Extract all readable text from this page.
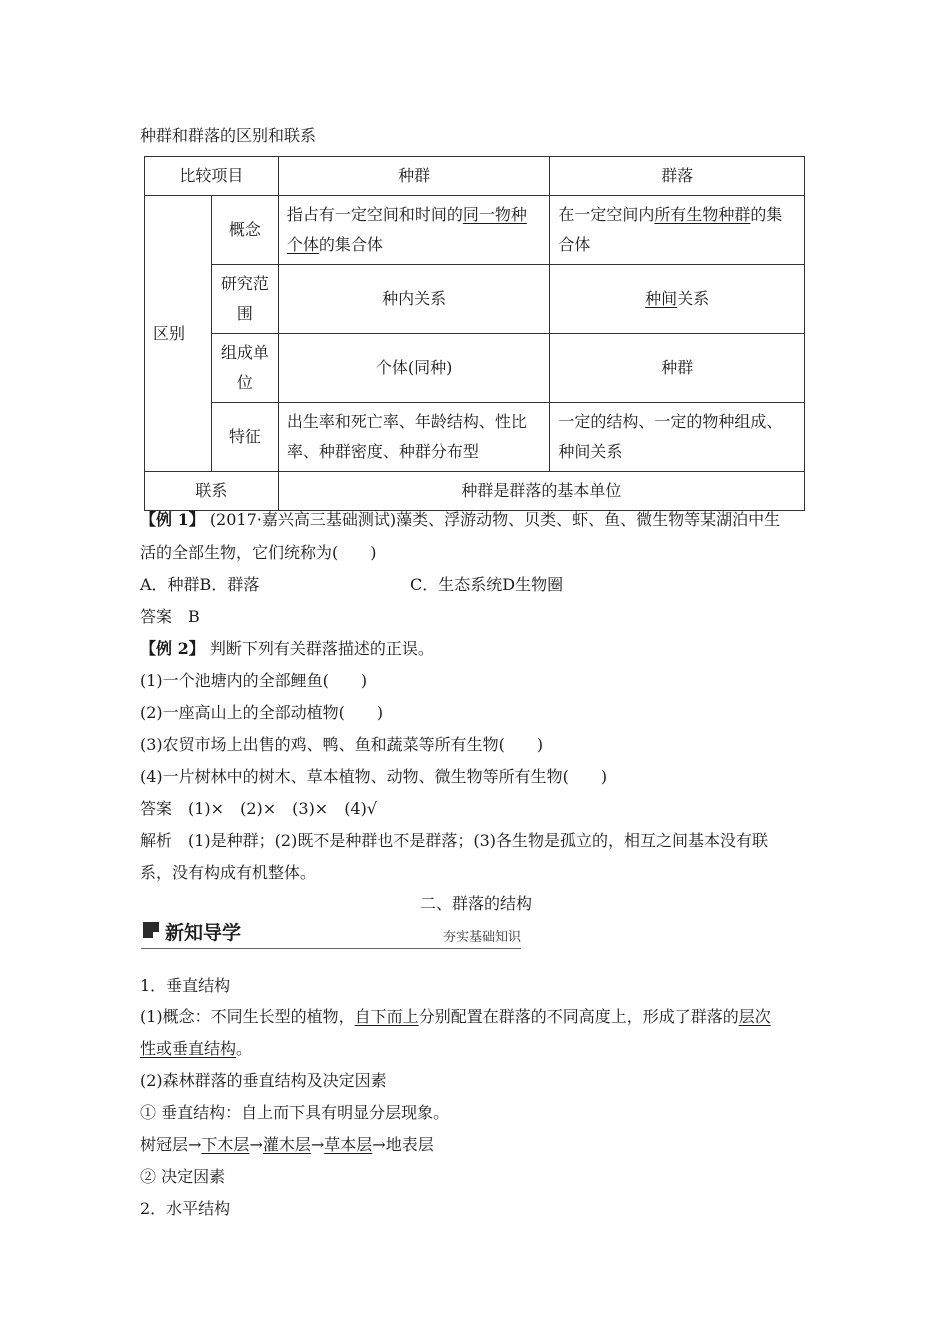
种群和群落的区别和联系
比较项目		种群	群落
区别	概念	指占有一定空间和时间的同一物种个体的集合体	在一定空间内所有生物种群的集合体
	研究范围	种内关系	种间关系
	组成单位	个体(同种)	种群
	特征	出生率和死亡率、年龄结构、性比率、种群密度、种群分布型	一定的结构、一定的物种组成、种间关系
联系		种群是群落的基本单位	
【例 1】 (2017·嘉兴高三基础测试)藻类、浮游动物、贝类、虾、鱼、微生物等某湖泊中生
活的全部生物，它们统称为(　　)
A．种群B．群落	C．生态系统D生物圈
答案　B
【例 2】 判断下列有关群落描述的正误。
(1)一个池塘内的全部鲤鱼(　　)
(2)一座高山上的全部动植物(　　)
(3)农贸市场上出售的鸡、鸭、鱼和蔬菜等所有生物(　　)
(4)一片树林中的树木、草本植物、动物、微生物等所有生物(　　)
答案　(1)×　(2)×　(3)×　(4)√
解析　(1)是种群；(2)既不是种群也不是群落；(3)各生物是孤立的，相互之间基本没有联
系，没有构成有机整体。
二、群落的结构
新知导学	夯实基础知识
1．垂直结构
(1)概念：不同生长型的植物，自下而上分别配置在群落的不同高度上，形成了群落的层次
性或垂直结构。
(2)森林群落的垂直结构及决定因素
① 垂直结构：自上而下具有明显分层现象。
树冠层→下木层→灌木层→草本层→地表层
② 决定因素
2．水平结构
